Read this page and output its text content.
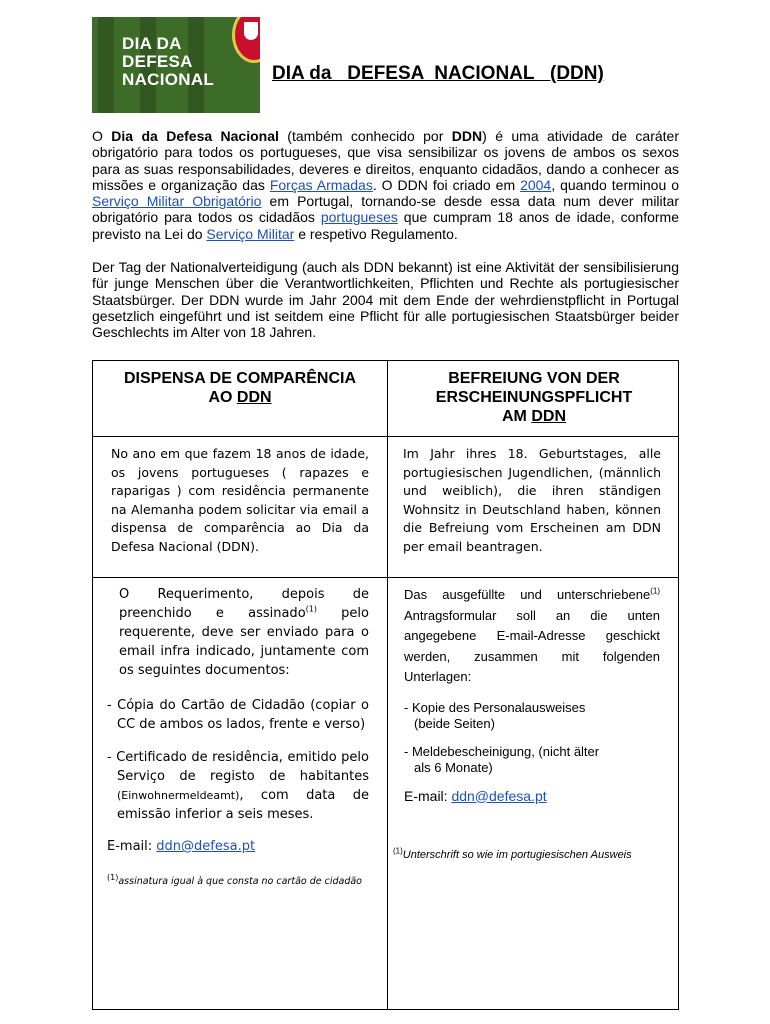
DIA DA
DEFESA
NACIONAL	DIA da   DEFESA  NACIONAL   (DDN)

O Dia da Defesa Nacional (também conhecido por DDN) é uma atividade de caráter obrigatório para todos os portugueses, que visa sensibilizar os jovens de ambos os sexos para as suas responsabilidades, deveres e direitos, enquanto cidadãos, dando a conhecer as missões e organização das Forças Armadas. O DDN foi criado em 2004, quando terminou o Serviço Militar Obrigatório em Portugal, tornando-se desde essa data num dever militar obrigatório para todos os cidadãos portugueses que cumpram 18 anos de idade, conforme previsto na Lei do Serviço Militar e respetivo Regulamento.

Der Tag der Nationalverteidigung (auch als DDN bekannt) ist eine Aktivität der sensibilisierung für junge Menschen über die Verantwortlichkeiten, Pflichten und Rechte als portugiesischer Staatsbürger. Der DDN wurde im Jahr 2004 mit dem Ende der wehrdienstpflicht in Portugal gesetzlich eingeführt und ist seitdem eine Pflicht für alle portugiesischen Staatsbürger beider Geschlechts im Alter von 18 Jahren.

DISPENSA DE COMPARÊNCIA
AO DDN
BEFREIUNG VON DER
ERSCHEINUNGSPFLICHT
AM DDN

No ano em que fazem 18 anos de idade, os jovens portugueses ( rapazes e raparigas ) com residência permanente na Alemanha podem solicitar via email a dispensa de comparência ao Dia da Defesa Nacional (DDN).

Im Jahr ihres 18. Geburtstages, alle portugiesischen Jugendlichen, (männlich und weiblich), die ihren ständigen Wohnsitz in Deutschland haben, können die Befreiung vom Erscheinen am DDN per email beantragen.

O Requerimento, depois de preenchido e assinado$^{(1)}$ pelo requerente, deve ser enviado para o email infra indicado, juntamente com os seguintes documentos:

- Cópia do Cartão de Cidadão (copiar o CC de ambos os lados, frente e verso)

- Certificado de residência, emitido pelo Serviço de registo de habitantes (Einwohnermeldeamt), com data de emissão inferior a seis meses.

E-mail: ddn@defesa.pt

$^{(1)}$assinatura igual à que consta no cartão de cidadão

Das ausgefüllte und unterschriebene$^{(1)}$ Antragsformular soll an die unten angegebene E-mail-Adresse geschickt werden, zusammen mit folgenden Unterlagen:

- Kopie des Personalausweises (beide Seiten)

- Meldebescheinigung, (nicht älter als 6 Monate)

E-mail: ddn@defesa.pt

$^{(1)}$Unterschrift so wie im portugiesischen Ausweis
